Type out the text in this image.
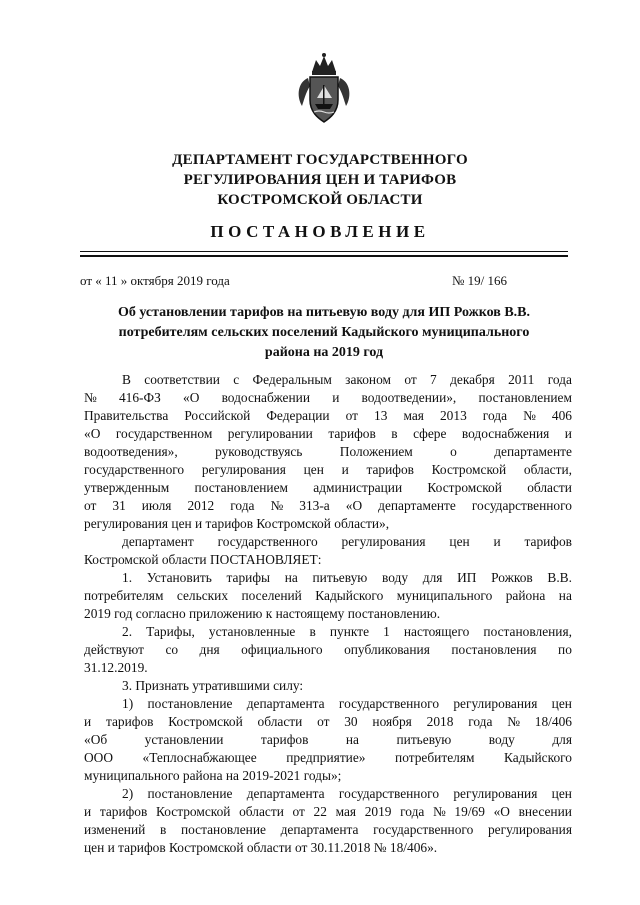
ДЕПАРТАМЕНТ ГОСУДАРСТВЕННОГО
РЕГУЛИРОВАНИЯ ЦЕН И ТАРИФОВ
КОСТРОМСКОЙ ОБЛАСТИ
ПОСТАНОВЛЕНИЕ
от « 11 » октября 2019 года	№ 19/ 166
Об установлении тарифов на питьевую воду для ИП Рожков В.В.
потребителям сельских поселений Кадыйского муниципального
района на 2019 год
В соответствии с Федеральным законом от 7 декабря 2011 года
№ 416-ФЗ «О водоснабжении и водоотведении», постановлением
Правительства Российской Федерации от 13 мая 2013 года № 406
«О государственном регулировании тарифов в сфере водоснабжения и
водоотведения»,	руководствуясь	Положением	о	департаменте
государственного регулирования цен и тарифов Костромской области,
утвержденным постановлением администрации Костромской области
от 31 июля 2012 года № 313-а «О департаменте государственного
регулирования цен и тарифов Костромской области»,
департамент государственного регулирования цен и тарифов
Костромской области ПОСТАНОВЛЯЕТ:
1. Установить тарифы на питьевую воду для ИП Рожков В.В.
потребителям сельских поселений Кадыйского муниципального района на
2019 год согласно приложению к настоящему постановлению.
2. Тарифы, установленные в пункте 1 настоящего постановления,
действуют со дня официального опубликования постановления по
31.12.2019.
3. Признать утратившими силу:
1) постановление департамента государственного регулирования цен
и тарифов Костромской области от 30 ноября 2018 года № 18/406
«Об	установлении	тарифов	на	питьевую	воду	для
ООО «Теплоснабжающее предприятие» потребителям Кадыйского
муниципального района на 2019-2021 годы»;
2) постановление департамента государственного регулирования цен
и тарифов Костромской области от 22 мая 2019 года № 19/69 «О внесении
изменений в постановление департамента государственного регулирования
цен и тарифов Костромской области от 30.11.2018 № 18/406».
